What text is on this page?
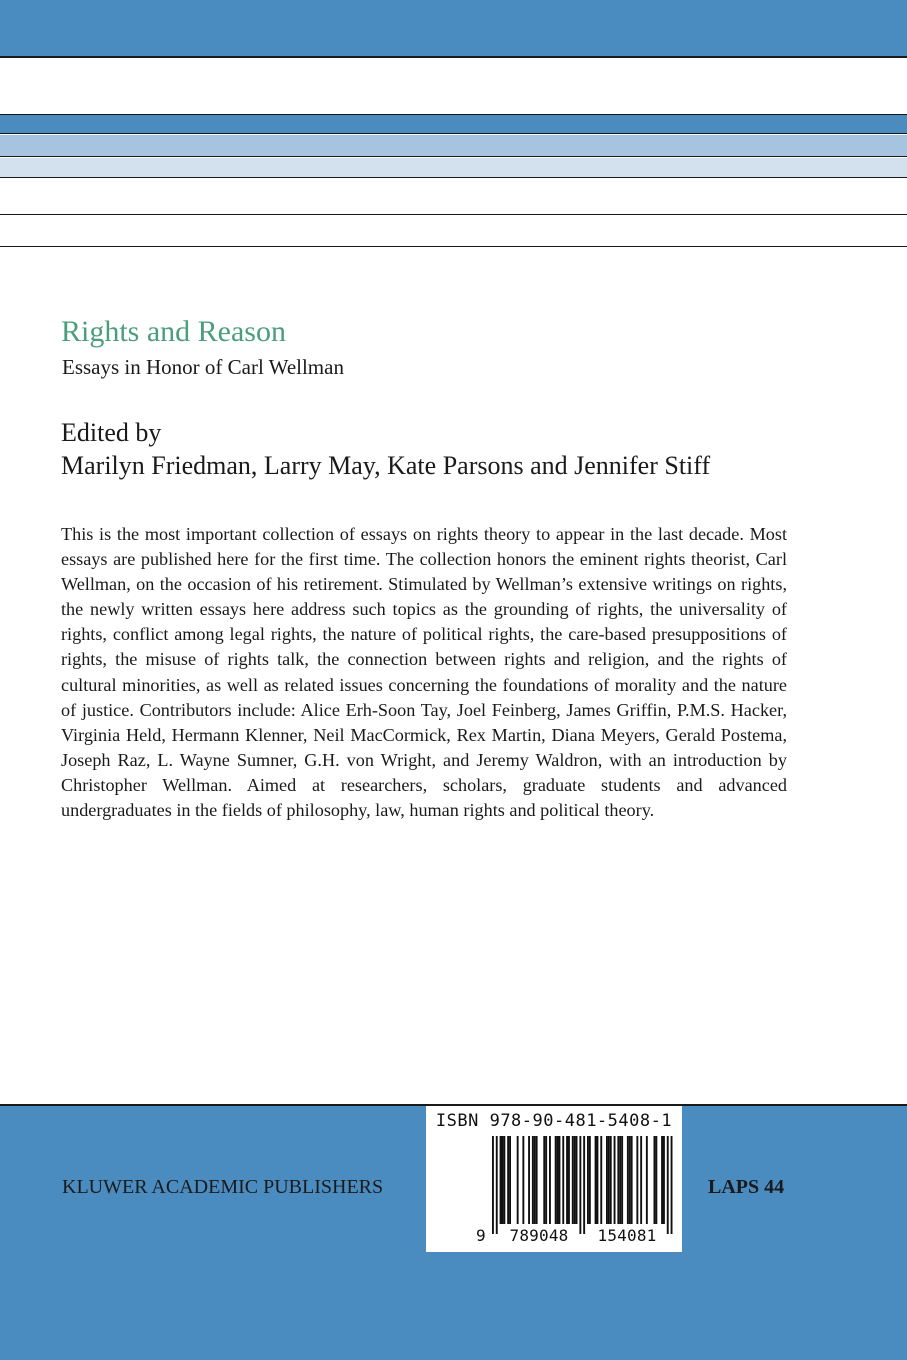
Rights and Reason
Essays in Honor of Carl Wellman
Edited by
Marilyn Friedman, Larry May, Kate Parsons and Jennifer Stiff

This is the most important collection of essays on rights theory to appear in the last decade. Most essays are published here for the first time. The collection honors the eminent rights theorist, Carl Wellman, on the occasion of his retirement. Stimulated by Wellman’s extensive writings on rights, the newly written essays here address such topics as the grounding of rights, the universality of rights, conflict among legal rights, the nature of political rights, the care-based presuppositions of rights, the misuse of rights talk, the connection between rights and religion, and the rights of cultural minorities, as well as related issues concerning the foundations of morality and the nature of justice. Contributors include: Alice Erh-Soon Tay, Joel Feinberg, James Griffin, P.M.S. Hacker, Virginia Held, Hermann Klenner, Neil MacCormick, Rex Martin, Diana Meyers, Gerald Postema, Joseph Raz, L. Wayne Sumner, G.H. von Wright, and Jeremy Waldron, with an introduction by Christopher Wellman. Aimed at researchers, scholars, graduate students and advanced undergraduates in the fields of philosophy, law, human rights and political theory.

KLUWER ACADEMIC PUBLISHERS	LAPS 44
ISBN 978-90-481-5408-1
9	789048	154081
